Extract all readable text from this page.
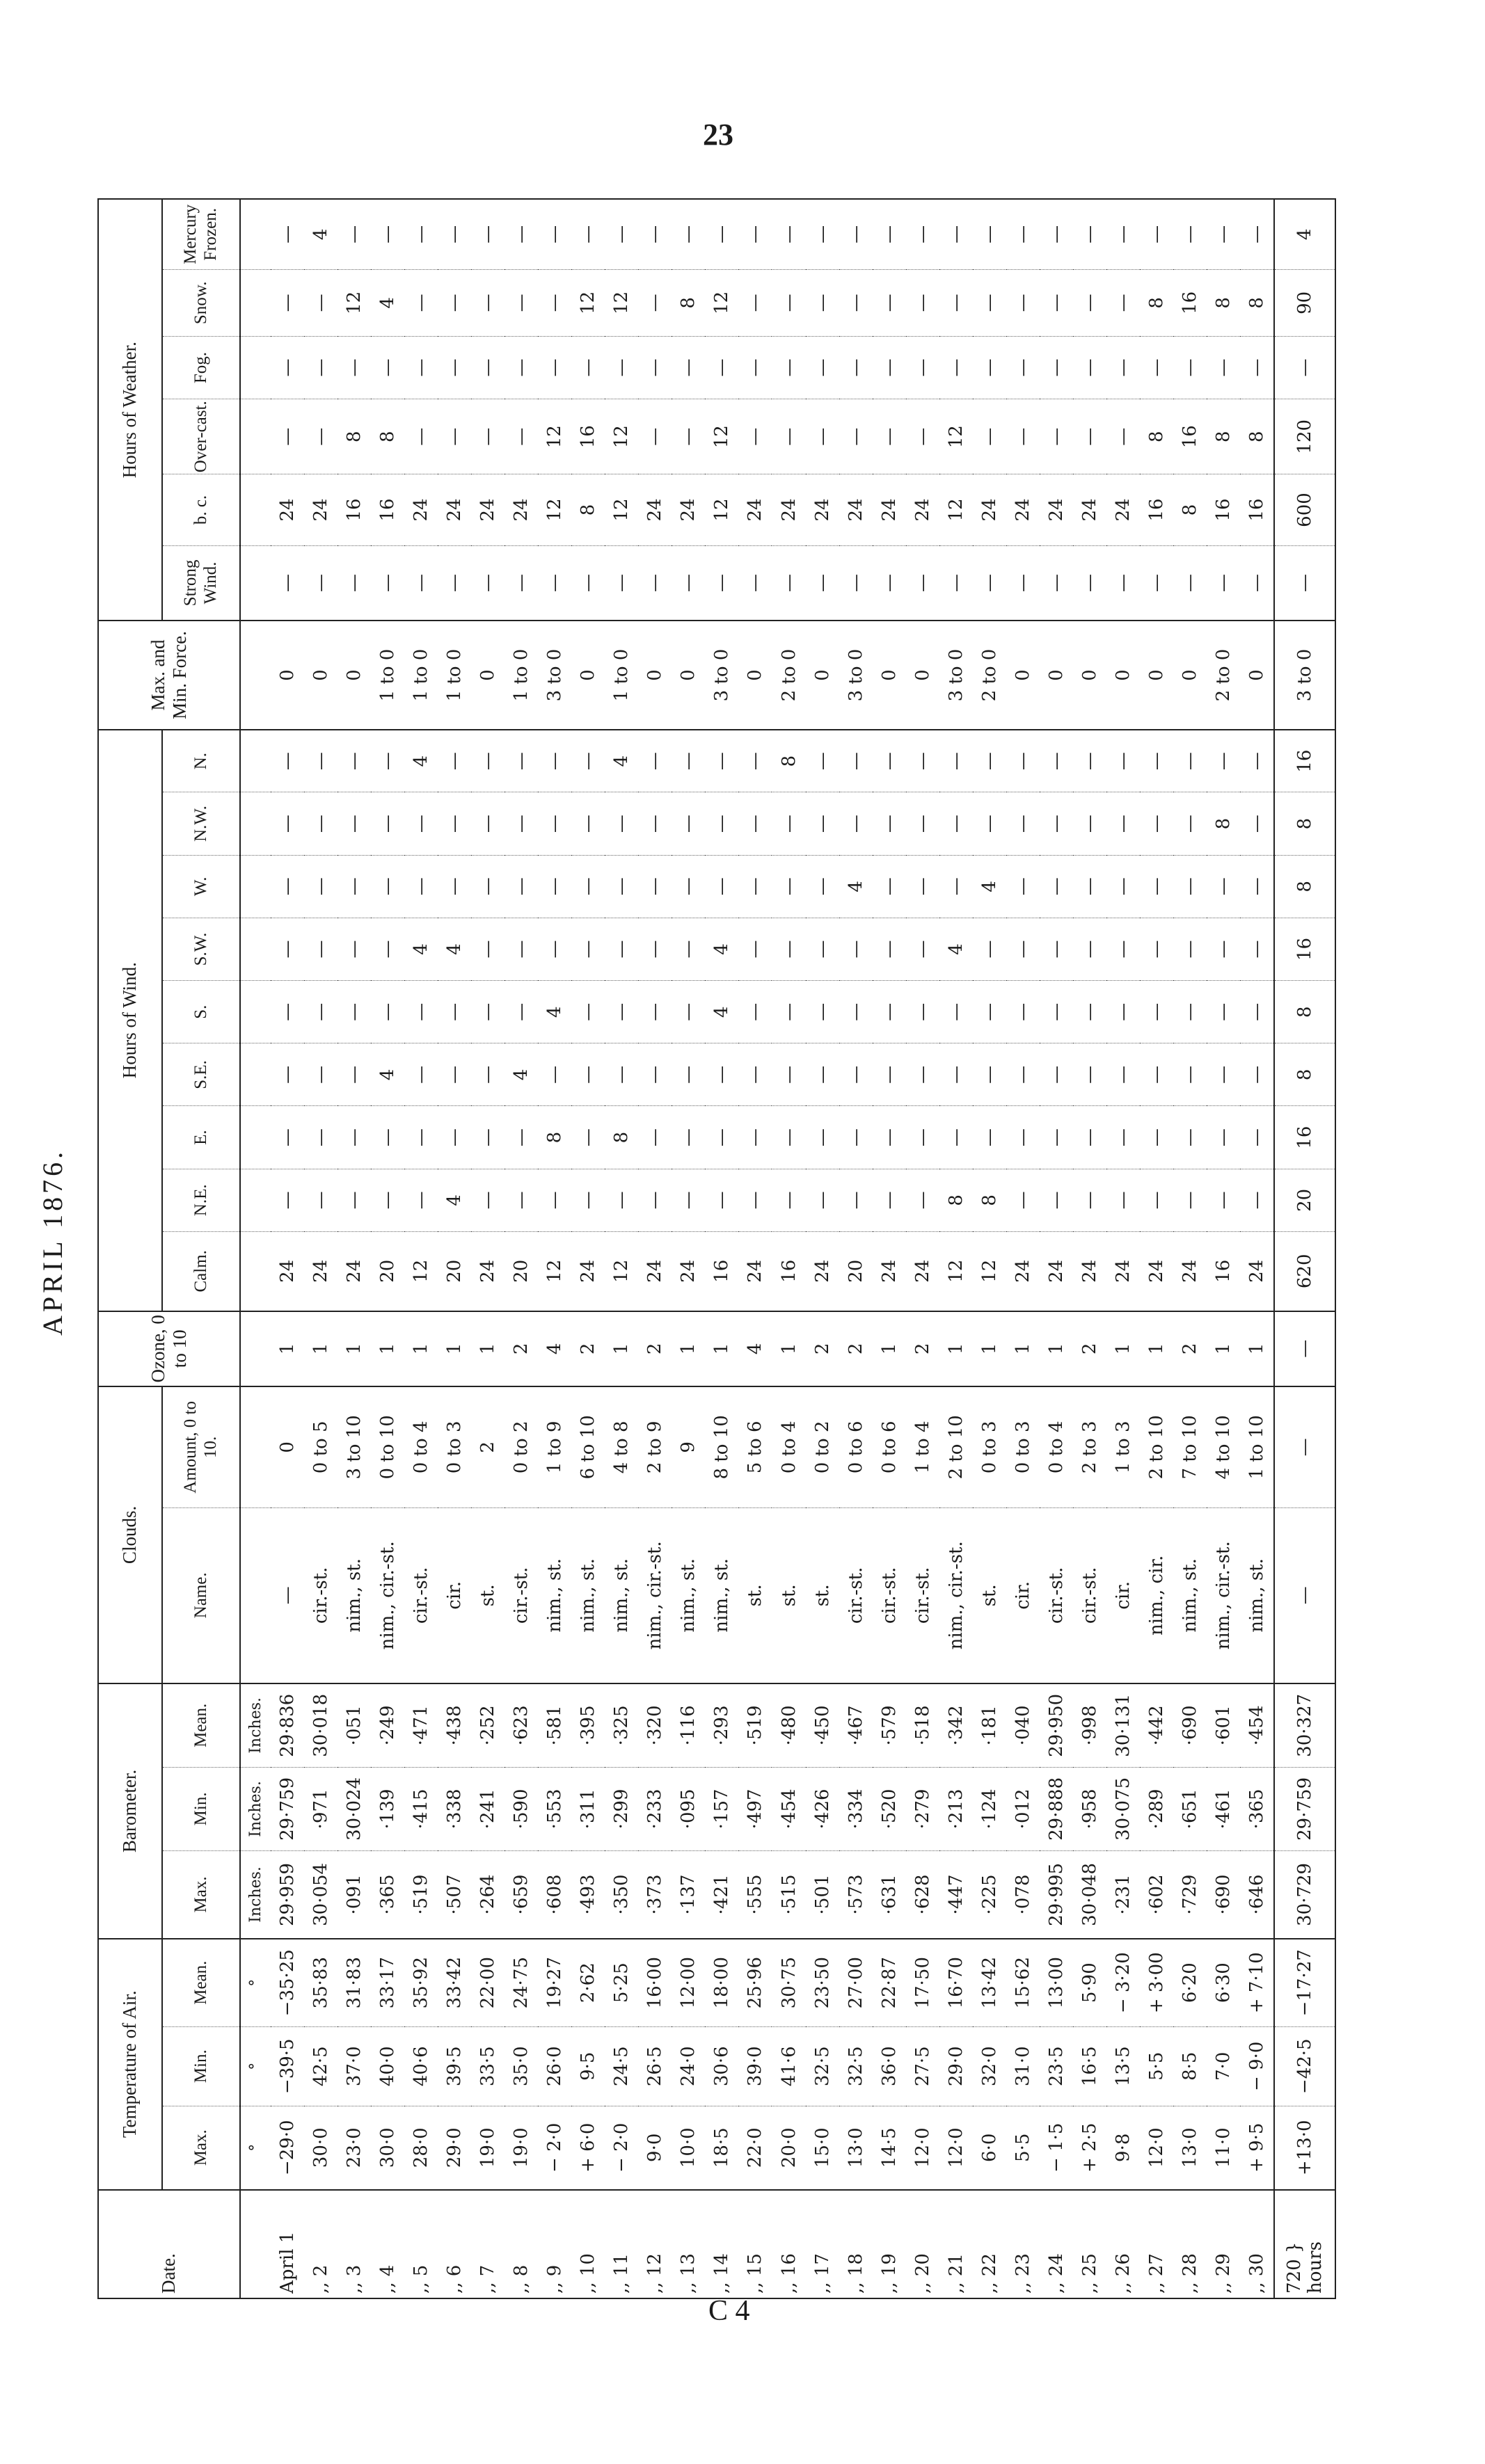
23
APRIL 1876.
Date.	Temperature of Air.			Barometer.			Clouds.		Ozone, 0 to 10	Hours of Wind.									Max. and Min. Force.	Hours of Weather.					
	Max.	Min.	Mean.	Max.	Min.	Mean.	Name.	Amount, 0 to 10.		Calm.	N.E.	E.	S.E.	S.	S.W.	W.	N.W.	N.		Strong Wind.	b. c.	Over-cast.	Fog.	Snow.	Mercury Frozen.
	°	°	°	Inches.	Inches.	Inches.																			
April 1	−29·0	−39·5	−35·25	29·959	29·759	29·836	—	0	1	24	—	—	—	—	—	—	—	—	0	—	24	—	—	—	—
,, 2	30·0	42·5	35·83	30·054	·971	30·018	cir.-st.	0 to 5	1	24	—	—	—	—	—	—	—	—	0	—	24	—	—	—	4
,, 3	23·0	37·0	31·83	·091	30·024	·051	nim., st.	3 to 10	1	24	—	—	—	—	—	—	—	—	0	—	16	8	—	12	—
,, 4	30·0	40·0	33·17	·365	·139	·249	nim., cir.-st.	0 to 10	1	20	—	—	4	—	—	—	—	—	1 to 0	—	16	8	—	4	—
,, 5	28·0	40·6	35·92	·519	·415	·471	cir.-st.	0 to 4	1	12	—	—	—	—	4	—	—	4	1 to 0	—	24	—	—	—	—
,, 6	29·0	39·5	33·42	·507	·338	·438	cir.	0 to 3	1	20	4	—	—	—	4	—	—	—	1 to 0	—	24	—	—	—	—
,, 7	19·0	33·5	22·00	·264	·241	·252	st.	2	1	24	—	—	—	—	—	—	—	—	0	—	24	—	—	—	—
,, 8	19·0	35·0	24·75	·659	·590	·623	cir.-st.	0 to 2	2	20	—	—	4	—	—	—	—	—	1 to 0	—	24	—	—	—	—
,, 9	− 2·0	26·0	19·27	·608	·553	·581	nim., st.	1 to 9	4	12	—	8	—	4	—	—	—	—	3 to 0	—	12	12	—	—	—
,, 10	+ 6·0	9·5	2·62	·493	·311	·395	nim., st.	6 to 10	2	24	—	—	—	—	—	—	—	—	0	—	8	16	—	12	—
,, 11	− 2·0	24·5	5·25	·350	·299	·325	nim., st.	4 to 8	1	12	—	8	—	—	—	—	—	4	1 to 0	—	12	12	—	12	—
,, 12	9·0	26·5	16·00	·373	·233	·320	nim., cir.-st.	2 to 9	2	24	—	—	—	—	—	—	—	—	0	—	24	—	—	—	—
,, 13	10·0	24·0	12·00	·137	·095	·116	nim., st.	9	1	24	—	—	—	—	—	—	—	—	0	—	24	—	—	8	—
,, 14	18·5	30·6	18·00	·421	·157	·293	nim., st.	8 to 10	1	16	—	—	—	4	4	—	—	—	3 to 0	—	12	12	—	12	—
,, 15	22·0	39·0	25·96	·555	·497	·519	st.	5 to 6	4	24	—	—	—	—	—	—	—	—	0	—	24	—	—	—	—
,, 16	20·0	41·6	30·75	·515	·454	·480	st.	0 to 4	1	16	—	—	—	—	—	—	—	8	2 to 0	—	24	—	—	—	—
,, 17	15·0	32·5	23·50	·501	·426	·450	st.	0 to 2	2	24	—	—	—	—	—	—	—	—	0	—	24	—	—	—	—
,, 18	13·0	32·5	27·00	·573	·334	·467	cir.-st.	0 to 6	2	20	—	—	—	—	—	4	—	—	3 to 0	—	24	—	—	—	—
,, 19	14·5	36·0	22·87	·631	·520	·579	cir.-st.	0 to 6	1	24	—	—	—	—	—	—	—	—	0	—	24	—	—	—	—
,, 20	12·0	27·5	17·50	·628	·279	·518	cir.-st.	1 to 4	2	24	—	—	—	—	—	—	—	—	0	—	24	—	—	—	—
,, 21	12·0	29·0	16·70	·447	·213	·342	nim., cir.-st.	2 to 10	1	12	8	—	—	—	4	—	—	—	3 to 0	—	12	12	—	—	—
,, 22	6·0	32·0	13·42	·225	·124	·181	st.	0 to 3	1	12	8	—	—	—	—	4	—	—	2 to 0	—	24	—	—	—	—
,, 23	5·5	31·0	15·62	·078	·012	·040	cir.	0 to 3	1	24	—	—	—	—	—	—	—	—	0	—	24	—	—	—	—
,, 24	− 1·5	23·5	13·00	29·995	29·888	29·950	cir.-st.	0 to 4	1	24	—	—	—	—	—	—	—	—	0	—	24	—	—	—	—
,, 25	+ 2·5	16·5	5·90	30·048	·958	·998	cir.-st.	2 to 3	2	24	—	—	—	—	—	—	—	—	0	—	24	—	—	—	—
,, 26	9·8	13·5	− 3·20	·231	30·075	30·131	cir.	1 to 3	1	24	—	—	—	—	—	—	—	—	0	—	24	—	—	—	—
,, 27	12·0	5·5	+ 3·00	·602	·289	·442	nim., cir.	2 to 10	1	24	—	—	—	—	—	—	—	—	0	—	16	8	—	8	—
,, 28	13·0	8·5	6·20	·729	·651	·690	nim., st.	7 to 10	2	24	—	—	—	—	—	—	—	—	0	—	8	16	—	16	—
,, 29	11·0	7·0	6·30	·690	·461	·601	nim., cir.-st.	4 to 10	1	16	—	—	—	—	—	—	8	—	2 to 0	—	16	8	—	8	—
,, 30	+ 9·5	− 9·0	+ 7·10	·646	·365	·454	nim., st.	1 to 10	1	24	—	—	—	—	—	—	—	—	0	—	16	8	—	8	—
720 } hours	+13·0	−42·5	−17·27	30·729	29·759	30·327	—	—	—	620	20	16	8	8	16	8	8	16	3 to 0	—	600	120	—	90	4
C 4
